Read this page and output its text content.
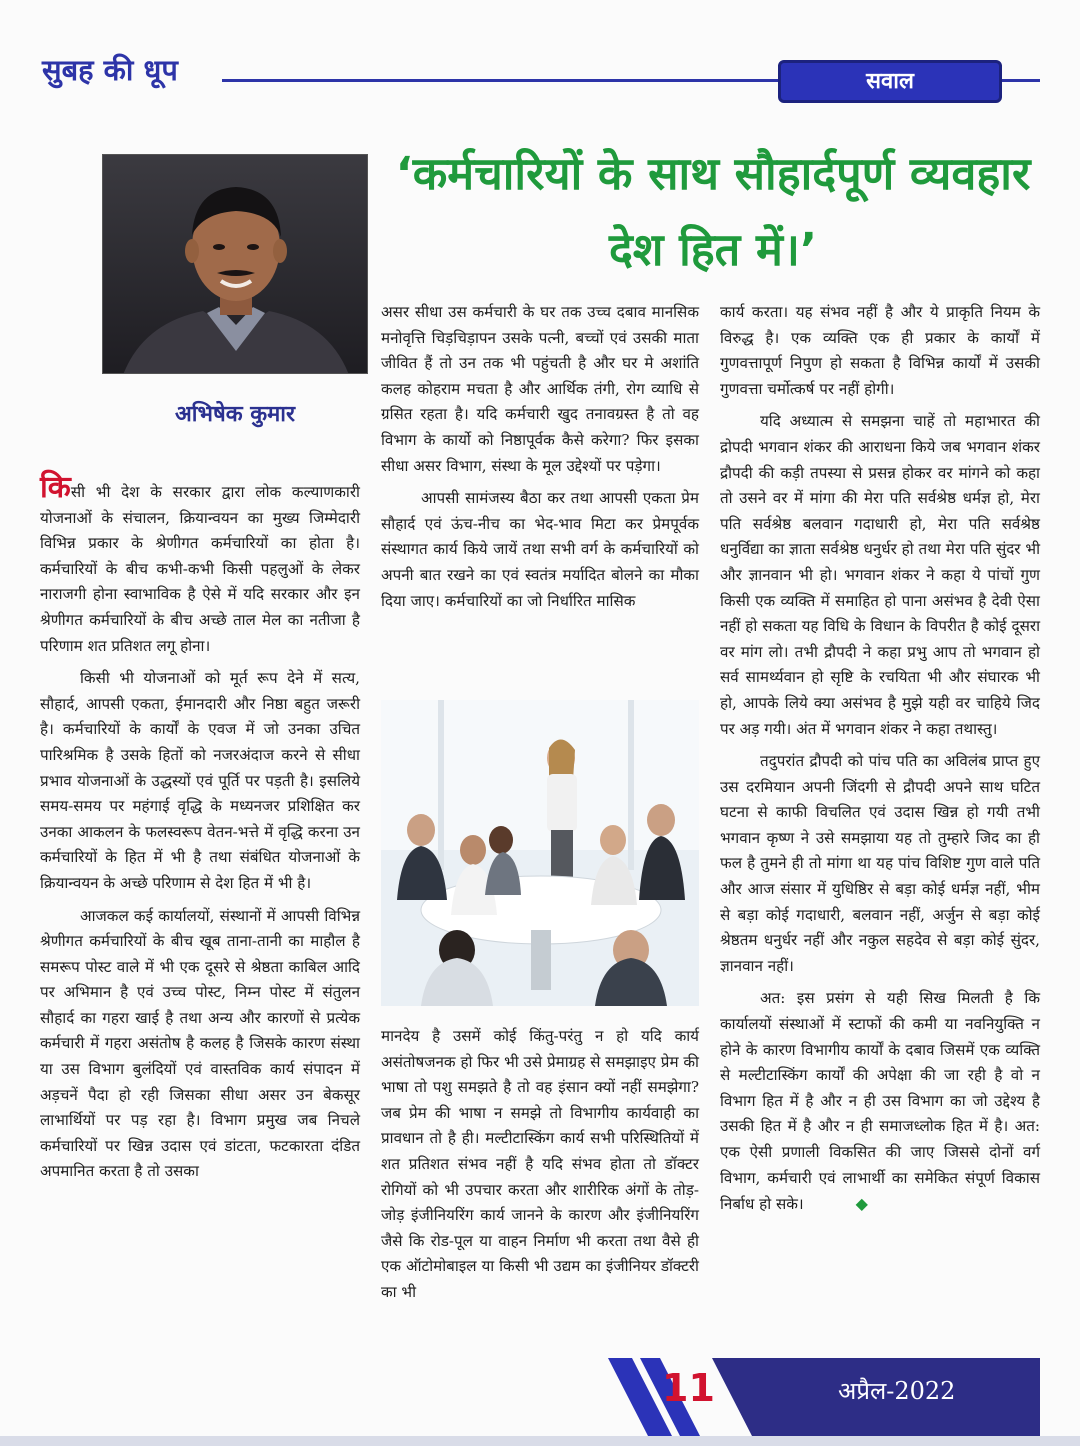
सुबह की धूप	सवाल
‘कर्मचारियों के साथ सौहार्दपूर्ण व्यवहार देश हित में।’
अभिषेक कुमार

किसी भी देश के सरकार द्वारा लोक कल्याणकारी योजनाओं के संचालन, क्रियान्वयन का मुख्य जिम्मेदारी विभिन्न प्रकार के श्रेणीगत कर्मचारियों का होता है। कर्मचारियों के बीच कभी-कभी किसी पहलुओं के लेकर नाराजगी होना स्वाभाविक है ऐसे में यदि सरकार और इन श्रेणीगत कर्मचारियों के बीच अच्छे ताल मेल का नतीजा है परिणाम शत प्रतिशत लगू होना।

किसी भी योजनाओं को मूर्त रूप देने में सत्य, सौहार्द, आपसी एकता, ईमानदारी और निष्ठा बहुत जरूरी है। कर्मचारियों के कार्यों के एवज में जो उनका उचित पारिश्रमिक है उसके हितों को नजरअंदाज करने से सीधा प्रभाव योजनाओं के उद्धस्यों एवं पूर्ति पर पड़ती है। इसलिये समय-समय पर महंगाई वृद्धि के मध्यनजर प्रशिक्षित कर उनका आकलन के फलस्वरूप वेतन-भत्ते में वृद्धि करना उन कर्मचारियों के हित में भी है तथा संबंधित योजनाओं के क्रियान्वयन के अच्छे परिणाम से देश हित में भी है।

आजकल कई कार्यालयों, संस्थानों में आपसी विभिन्न श्रेणीगत कर्मचारियों के बीच खूब ताना-तानी का माहौल है समरूप पोस्ट वाले में भी एक दूसरे से श्रेष्ठता काबिल आदि पर अभिमान है एवं उच्च पोस्ट, निम्न पोस्ट में संतुलन सौहार्द का गहरा खाई है तथा अन्य और कारणों से प्रत्येक कर्मचारी में गहरा असंतोष है कलह है जिसके कारण संस्था या उस विभाग बुलंदियों एवं वास्तविक कार्य संपादन में अड़चनें पैदा हो रही जिसका सीधा असर उन बेकसूर लाभार्थियों पर पड़ रहा है। विभाग प्रमुख जब निचले कर्मचारियों पर खिन्न उदास एवं डांटता, फटकारता दंडित अपमानित करता है तो उसका

असर सीधा उस कर्मचारी के घर तक उच्च दबाव मानसिक मनोवृत्ति चिड़चिड़ापन उसके पत्नी, बच्चों एवं उसकी माता जीवित हैं तो उन तक भी पहुंचती है और घर मे अशांति कलह कोहराम मचता है और आर्थिक तंगी, रोग व्याधि से ग्रसित रहता है। यदि कर्मचारी खुद तनावग्रस्त है तो वह विभाग के कार्यो को निष्ठापूर्वक कैसे करेगा? फिर इसका सीधा असर विभाग, संस्था के मूल उद्देश्यों पर पड़ेगा।

आपसी सामंजस्य बैठा कर तथा आपसी एकता प्रेम सौहार्द एवं ऊंच-नीच का भेद-भाव मिटा कर प्रेमपूर्वक संस्थागत कार्य किये जायें तथा सभी वर्ग के कर्मचारियों को अपनी बात रखने का एवं स्वतंत्र मर्यादित बोलने का मौका दिया जाए। कर्मचारियों का जो निर्धारित मासिक

मानदेय है उसमें कोई किंतु-परंतु न हो यदि कार्य असंतोषजनक हो फिर भी उसे प्रेमाग्रह से समझाइए प्रेम की भाषा तो पशु समझते है तो वह इंसान क्यों नहीं समझेगा? जब प्रेम की भाषा न समझे तो विभागीय कार्यवाही का प्रावधान तो है ही। मल्टीटास्किंग कार्य सभी परिस्थितियों में शत प्रतिशत संभव नहीं है यदि संभव होता तो डॉक्टर रोगियों को भी उपचार करता और शारीरिक अंगों के तोड़-जोड़ इंजीनियरिंग कार्य जानने के कारण और इंजीनियरिंग जैसे कि रोड-पूल या वाहन निर्माण भी करता तथा वैसे ही एक ऑटोमोबाइल या किसी भी उद्यम का इंजीनियर डॉक्टरी का भी

कार्य करता। यह संभव नहीं है और ये प्राकृति नियम के विरुद्ध है। एक व्यक्ति एक ही प्रकार के कार्यों में गुणवत्तापूर्ण निपुण हो सकता है विभिन्न कार्यों में उसकी गुणवत्ता चर्मोत्कर्ष पर नहीं होगी।

यदि अध्यात्म से समझना चाहें तो महाभारत की द्रोपदी भगवान शंकर की आराधना किये जब भगवान शंकर द्रौपदी की कड़ी तपस्या से प्रसन्न होकर वर मांगने को कहा तो उसने वर में मांगा की मेरा पति सर्वश्रेष्ठ धर्मज्ञ हो, मेरा पति सर्वश्रेष्ठ बलवान गदाधारी हो, मेरा पति सर्वश्रेष्ठ धनुर्विद्या का ज्ञाता सर्वश्रेष्ठ धनुर्धर हो तथा मेरा पति सुंदर भी और ज्ञानवान भी हो। भगवान शंकर ने कहा ये पांचों गुण किसी एक व्यक्ति में समाहित हो पाना असंभव है देवी ऐसा नहीं हो सकता यह विधि के विधान के विपरीत है कोई दूसरा वर मांग लो। तभी द्रौपदी ने कहा प्रभु आप तो भगवान हो सर्व सामर्थ्यवान हो सृष्टि के रचयिता भी और संघारक भी हो, आपके लिये क्या असंभव है मुझे यही वर चाहिये जिद पर अड़ गयी। अंत में भगवान शंकर ने कहा तथास्तु।

तदुपरांत द्रौपदी को पांच पति का अविलंब प्राप्त हुए उस दरमियान अपनी जिंदगी से द्रौपदी अपने साथ घटित घटना से काफी विचलित एवं उदास खिन्न हो गयी तभी भगवान कृष्ण ने उसे समझाया यह तो तुम्हारे जिद का ही फल है तुमने ही तो मांगा था यह पांच विशिष्ट गुण वाले पति और आज संसार में युधिष्ठिर से बड़ा कोई धर्मज्ञ नहीं, भीम से बड़ा कोई गदाधारी, बलवान नहीं, अर्जुन से बड़ा कोई श्रेष्ठतम धनुर्धर नहीं और नकुल सहदेव से बड़ा कोई सुंदर, ज्ञानवान नहीं।

अत: इस प्रसंग से यही सिख मिलती है कि कार्यालयों संस्थाओं में स्टाफों की कमी या नवनियुक्ति न होने के कारण विभागीय कार्यों के दबाव जिसमें एक व्यक्ति से मल्टीटास्किंग कार्यों की अपेक्षा की जा रही है वो न विभाग हित में है और न ही उस विभाग का जो उद्देश्य है उसकी हित में है और न ही समाजध्लोक हित में है। अत: एक ऐसी प्रणाली विकसित की जाए जिससे दोनों वर्ग विभाग, कर्मचारी एवं लाभार्थी का समेकित संपूर्ण विकास निर्बाध हो सके।	◆

11	अप्रैल-2022
